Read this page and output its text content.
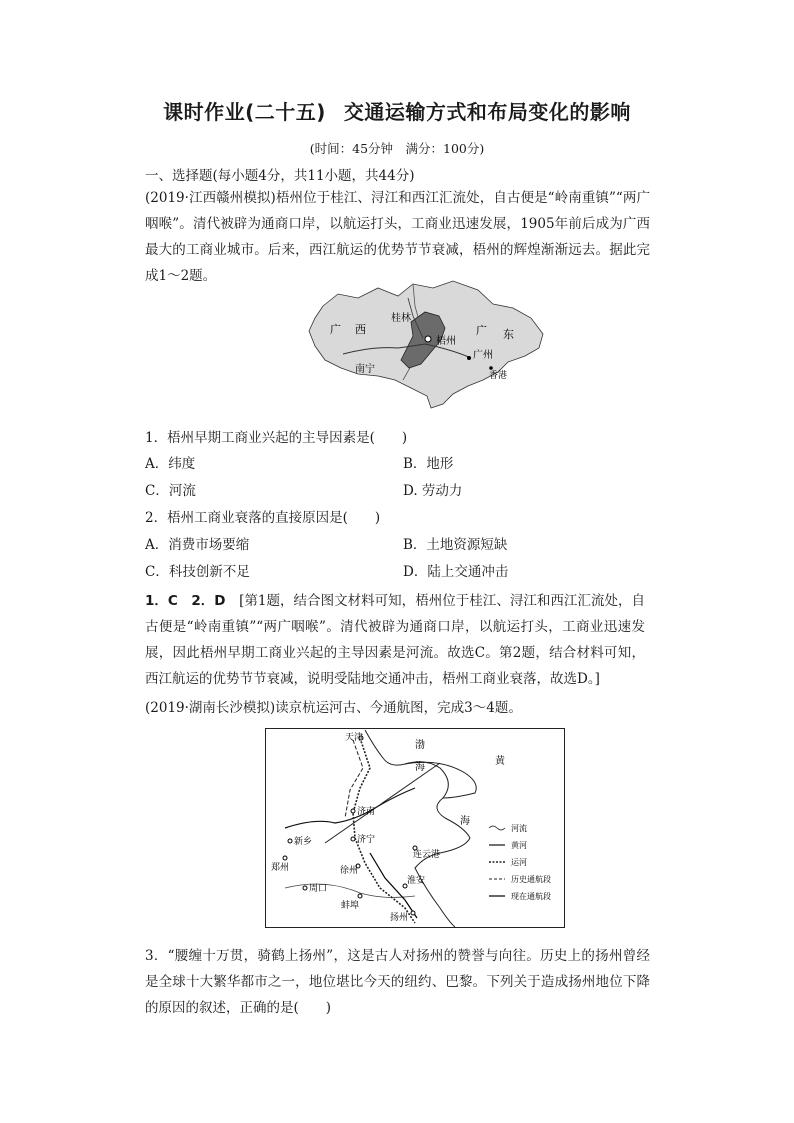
课时作业(二十五) 交通运输方式和布局变化的影响
(时间：45分钟　满分：100分)
一、选择题(每小题4分，共11小题，共44分)
(2019·江西赣州模拟)梧州位于桂江、浔江和西江汇流处，自古便是“岭南重镇”“两广咽喉”。清代被辟为通商口岸，以航运打头，工商业迅速发展，1905年前后成为广西最大的工商业城市。后来，西江航运的优势节节衰减，梧州的辉煌渐渐远去。据此完成1～2题。
广 西
桂林
梧州
广 东
南宁
广州
香港
1．梧州早期工商业兴起的主导因素是(　　)
A．纬度	B．地形
C．河流	D. 劳动力
2．梧州工商业衰落的直接原因是(　　)
A．消费市场要缩	B．土地资源短缺
C．科技创新不足	D．陆上交通冲击
1．C　2．D　 [第1题，结合图文材料可知，梧州位于桂江、浔江和西江汇流处，自古便是“岭南重镇”“两广咽喉”。清代被辟为通商口岸，以航运打头，工商业迅速发展，因此梧州早期工商业兴起的主导因素是河流。故选C。第2题，结合材料可知，西江航运的优势节节衰减，说明受陆地交通冲击，梧州工商业衰落，故选D。]
(2019·湖南长沙模拟)读京杭运河古、今通航图，完成3～4题。
天津
渤
海
黄
海
济南
济宁
新乡
郑州	徐州
连云港
周口
蚌埠
淮安
扬州
河流
黄河
运河
历史通航段
现在通航段
3．“腰缠十万贯，骑鹤上扬州”，这是古人对扬州的赞誉与向往。历史上的扬州曾经是全球十大繁华都市之一，地位堪比今天的纽约、巴黎。下列关于造成扬州地位下降的原因的叙述，正确的是(　　)
